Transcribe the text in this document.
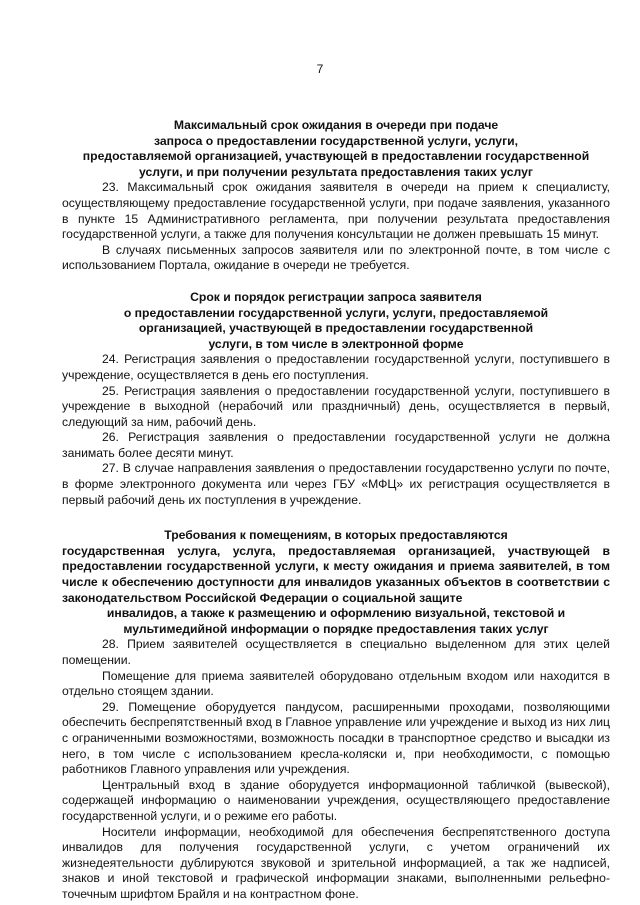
7
Максимальный срок ожидания в очереди при подаче
запроса о предоставлении государственной услуги, услуги,
предоставляемой организацией, участвующей в предоставлении государственной
услуги, и при получении результата предоставления таких услуг

23. Максимальный срок ожидания заявителя в очереди на прием к специалисту, осуществляющему предоставление государственной услуги, при подаче заявления, указанного в пункте 15 Административного регламента, при получении результата предоставления государственной услуги, а также для получения консультации не должен превышать 15 минут.

В случаях письменных запросов заявителя или по электронной почте, в том числе с использованием Портала, ожидание в очереди не требуется.

Срок и порядок регистрации запроса заявителя
о предоставлении государственной услуги, услуги, предоставляемой
организацией, участвующей в предоставлении государственной
услуги, в том числе в электронной форме

24. Регистрация заявления о предоставлении государственной услуги, поступившего в учреждение, осуществляется в день его поступления.

25. Регистрация заявления о предоставлении государственной услуги, поступившего в учреждение в выходной (нерабочий или праздничный) день, осуществляется в первый, следующий за ним, рабочий день.

26. Регистрация заявления о предоставлении государственной услуги не должна занимать более десяти минут.

27. В случае направления заявления о предоставлении государственно услуги по почте, в форме электронного документа или через ГБУ «МФЦ» их регистрация осуществляется в первый рабочий день их поступления в учреждение.

Требования к помещениям, в которых предоставляются
государственная услуга, услуга, предоставляемая организацией, участвующей в предоставлении государственной услуги, к месту ожидания и приема заявителей, в том числе к обеспечению доступности для инвалидов указанных объектов в соответствии с законодательством Российской Федерации о социальной защите
инвалидов, а также к размещению и оформлению визуальной, текстовой и
мультимедийной информации о порядке предоставления таких услуг

28. Прием заявителей осуществляется в специально выделенном для этих целей помещении.

Помещение для приема заявителей оборудовано отдельным входом или находится в отдельно стоящем здании.

29. Помещение оборудуется пандусом, расширенными проходами, позволяющими обеспечить беспрепятственный вход в Главное управление или учреждение и выход из них лиц с ограниченными возможностями, возможность посадки в транспортное средство и высадки из него, в том числе с использованием кресла-коляски и, при необходимости, с помощью работников Главного управления или учреждения.

Центральный вход в здание оборудуется информационной табличкой (вывеской), содержащей информацию о наименовании учреждения, осуществляющего предоставление государственной услуги, и о режиме его работы.

Носители информации, необходимой для обеспечения беспрепятственного доступа инвалидов для получения государственной услуги, с учетом ограничений их жизнедеятельности дублируются звуковой и зрительной информацией, а так же надписей, знаков и иной текстовой и графической информации знаками, выполненными рельефно-точечным шрифтом Брайля и на контрастном фоне.
